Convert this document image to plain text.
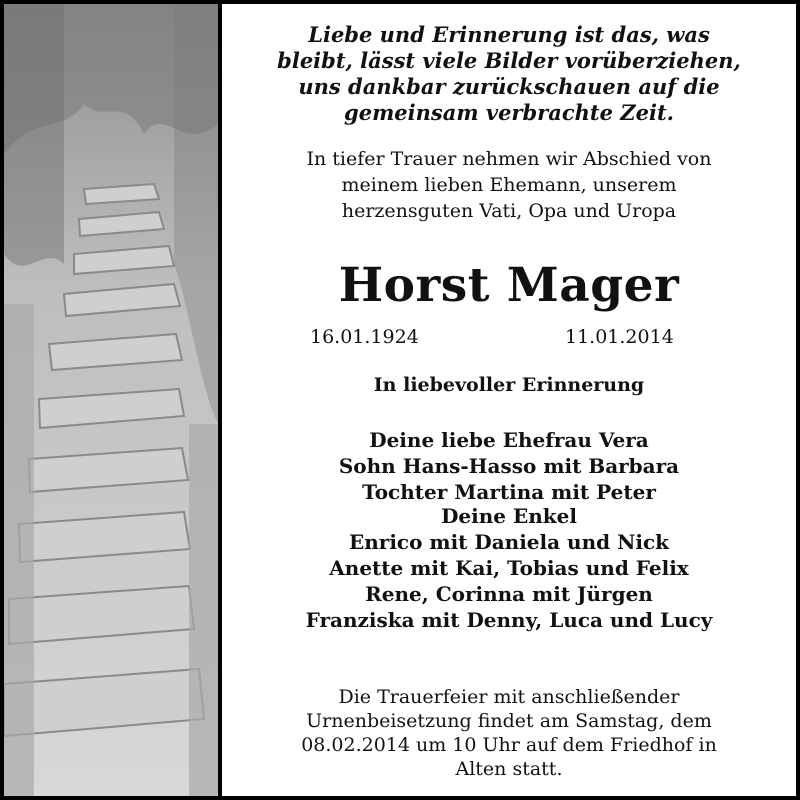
Liebe und Erinnerung ist das, was
bleibt, lässt viele Bilder vorüberziehen,
uns dankbar zurückschauen auf die
gemeinsam verbrachte Zeit.
In tiefer Trauer nehmen wir Abschied von
meinem lieben Ehemann, unserem
herzensguten Vati, Opa und Uropa
Horst Mager
16.01.1924	11.01.2014
In liebevoller Erinnerung
Deine liebe Ehefrau Vera
Sohn Hans-Hasso mit Barbara
Tochter Martina mit Peter
Deine Enkel
Enrico mit Daniela und Nick
Anette mit Kai, Tobias und Felix
Rene, Corinna mit Jürgen
Franziska mit Denny, Luca und Lucy
Die Trauerfeier mit anschließender
Urnenbeisetzung findet am Samstag, dem
08.02.2014 um 10 Uhr auf dem Friedhof in
Alten statt.
